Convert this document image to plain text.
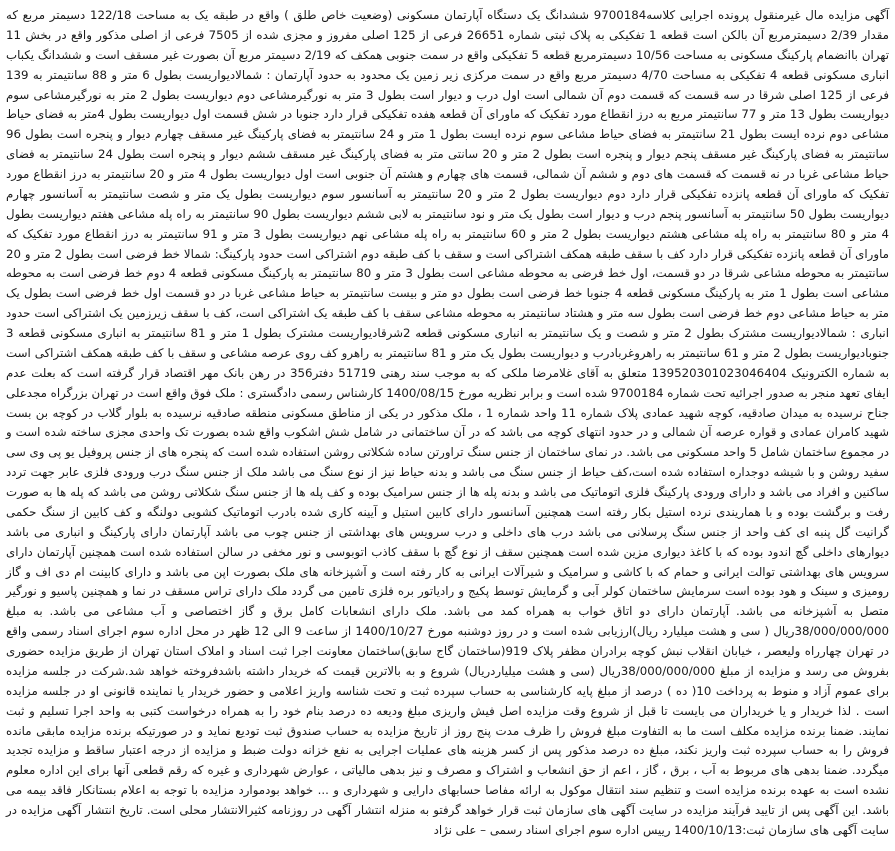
آگهی مزایده مال غیرمنقول پرونده اجرایی کلاسه9700184 ششدانگ یک دستگاه آپارتمان مسکونی (وضعیت خاص طلق ) واقع در طبقه یک به مساحت 122/18 دسیمتر مربع که مقدار 2/39 دسیمترمربع آن بالکن است قطعه 1 تفکیکی به پلاک ثبتی شماره 26651 فرعی از 125 اصلی مفروز و مجزی شده از 7505 فرعی از اصلی مذکور واقع در بخش 11 تهران باانضمام پارکینگ مسکونی به مساحت 10/56 دسیمترمربع قطعه 5 تفکیکی واقع در سمت جنوبی همکف که 2/19 دسیمتر مربع آن بصورت غیر مسقف است و ششدانگ یکباب انباری مسکونی قطعه 4 تفکیکی به مساحت 4/70 دسیمتر مربع واقع در سمت مرکزی زیر زمین یک محدود به حدود آپارتمان : شمالادیواریست بطول 6 متر و 88 سانتیمتر به 139 فرعی از 125 اصلی شرقا در سه قسمت که قسمت دوم آن شمالی است اول درب و دیوار است بطول 3 متر به نورگیرمشاعی دوم دیواریست بطول 2 متر به نورگیرمشاعی سوم دیواریست بطول 13 متر و 77 سانتیمتر مربع به درز انقطاع مورد تفکیک که ماورای آن قطعه هفده تفکیکی قرار دارد جنوبا در شش قسمت اول دیواریست بطول 4متر به فضای حیاط مشاعی دوم نرده ایست بطول 21 سانتیمتر به فضای حیاط مشاعی سوم نرده ایست بطول 1 متر و 24 سانتیمتر به فضای پارکینگ غیر مسقف چهارم دیوار و پنجره است بطول 96 سانتیمتر به فضای پارکینگ غیر مسقف پنجم دیوار و پنجره است بطول 2 متر و 20 سانتی متر به فضای پارکینگ غیر مسقف ششم دیوار و پنجره است بطول 24 سانتیمتر به فضای حیاط مشاعی غربا در نه قسمت که قسمت های دوم و ششم آن شمالی، قسمت های چهارم و هشتم آن جنوبی است اول دیواریست بطول 4 متر و 20 سانتیمتر به درز انقطاع مورد تفکیک که ماورای آن قطعه پانزده تفکیکی قرار دارد دوم دیواریست بطول 2 متر و 20 سانتیمتر به آسانسور سوم دیواریست بطول یک متر و شصت سانتیمتر به آسانسور چهارم دیواریست بطول 50 سانتیمتر به آسانسور پنجم درب و دیوار است بطول یک متر و نود سانتیمتر به لابی ششم دیواریست بطول 90 سانتیمتر به راه پله مشاعی هفتم دیواریست بطول 4 متر و 80 سانتیمتر به راه پله مشاعی هشتم دیواریست بطول 2 متر و 60 سانتیمتر به راه پله مشاعی نهم دیواریست بطول 3 متر و 91 سانتیمتر به درز انقطاع مورد تفکیک که ماورای آن قطعه پانزده تفکیکی قرار دارد کف با سقف طبقه همکف اشتراکی است و سقف با کف طبقه دوم اشتراکی است حدود پارکینگ: شمالا خط فرضی است بطول 2 متر و 20 سانتیمتر به محوطه مشاعی شرقا در دو قسمت، اول خط فرضی به محوطه مشاعی است بطول 3 متر و 80 سانتیمتر به پارکینگ مسکونی قطعه 4 دوم خط فرضی است به محوطه مشاعی است بطول 1 متر به پارکینگ مسکونی قطعه 4 جنوبا خط فرضی است بطول دو متر و بیست سانتیمتر به حیاط مشاعی غربا در دو قسمت اول خط فرضی است بطول یک متر به حیاط مشاعی دوم خط فرضی است بطول سه متر و هشتاد سانتیمتر به محوطه مشاعی سقف با کف طبقه یک اشتراکی است، کف با سقف زیرزمین یک اشتراکی است حدود انباری : شمالادیواریست مشترک بطول 2 متر و شصت و یک سانتیمتر به انباری مسکونی قطعه 2شرقادیواریست مشترک بطول 1 متر و 81 سانتیمتر به انباری مسکونی قطعه 3 جنوبادیواریست بطول 2 متر و 61 سانتیمتر به راهروغربادرب و دیواریست بطول یک متر و 81 سانتیمتر به راهرو کف روی عرصه مشاعی و سقف با کف طبقه همکف اشتراکی است به شماره الکترونیک 139520301023046404 متعلق به آقای غلامرضا ملکی که به موجب سند رهنی 51719 دفتر356 در رهن بانک مهر اقتصاد قرار گرفته است که بعلت عدم ایفای تعهد منجر به صدور اجرائیه تحت شماره 9700184 شده است و برابر نظریه مورخ 1400/08/15 کارشناس رسمی دادگستری : ملک فوق واقع است در تهران بزرگراه مجدعلی جناح نرسیده به میدان صادقیه، کوچه شهید عمادی پلاک شماره 11 واحد شماره 1 ، ملک مذکور در یکی از مناطق مسکونی منطقه صادقیه نرسیده به بلوار گلاب در کوچه بن بست شهید کامران عمادی و قواره عرصه آن شمالی و در حدود انتهای کوچه می باشد که در آن ساختمانی در شامل شش اشکوب واقع شده بصورت تک واحدی مجزی ساخته شده است و در مجموع ساختمان شامل 5 واحد مسکونی می باشد. در نمای ساختمان از جنس سنگ تراورتن ساده شکلاتی روشن استفاده شده است که پنجره های از جنس پروفیل یو پی وی سی سفید روشن و با شیشه دوجداره استفاده شده است،کف حیاط از جنس سنگ می باشد و بدنه حیاط نیز از نوع سنگ می باشد ملک از جنس سنگ درب ورودی فلزی عابر جهت تردد ساکنین و افراد می باشد و دارای ورودی پارکینگ فلزی اتوماتیک می باشد و بدنه پله ها از جنس سرامیک بوده و کف پله ها از جنس سنگ شکلاتی روشن می باشد که پله ها به صورت رفت و برگشت بوده و با هماریندی نرده استیل بکار رفته است همچنین آسانسور دارای کابین استیل و آیینه کاری شده بادرب اتوماتیک کشویی دولنگه و کف کابین از سنگ حکمی گرانیت گل پنبه ای کف واحد از جنس سنگ پرسلانی می باشد درب های داخلی و درب سرویس های بهداشتی از جنس چوب می باشد آپارتمان دارای پارکینگ و انباری می باشد دیوارهای داخلی گچ اندود بوده که با کاغذ دیواری مزین شده است همچنین سقف از نوع گچ با سقف کاذب اتوبوسی و نور مخفی در سالن استفاده شده است همچنین آپارتمان دارای سرویس های بهداشتی توالت ایرانی و حمام که با کاشی و سرامیک و شیرآلات ایرانی به کار رفته است و آشپزخانه های ملک بصورت اپن می باشد و دارای کابینت ام دی اف و گاز رومیزی و سینک و هود بوده است سرمایش ساختمان کولر آبی و گرمایش توسط پکیج و رادیاتور بره فلزی تامین می گردد ملک دارای تراس مسقف در نما و همچنین پاسیو و نورگیر متصل به آشپزخانه می باشد. آپارتمان دارای دو اتاق خواب به همراه کمد می باشد. ملک دارای انشعابات کامل برق و گاز اختصاصی و آب مشاعی می باشد. به مبلغ 38/000/000/000ریال ( سی و هشت میلیارد ریال)ارزیابی شده است و در روز دوشنبه مورخ 1400/10/27 از ساعت 9 الی 12 ظهر در محل اداره سوم اجرای اسناد رسمی واقع در تهران چهارراه ولیعصر ، خیابان انقلاب نبش کوچه برادران مظفر پلاک 919(ساختمان گاج سابق)ساختمان معاونت اجرا ثبت اسناد و املاک استان تهران از طریق مزایده حضوری بفروش می رسد و مزایده از مبلغ 38/000/000/000ریال (سی و هشت میلیاردریال) شروع و به بالاترین قیمت که خریدار داشته باشدفروخته خواهد شد.شرکت در جلسه مزایده برای عموم آزاد و منوط به پرداخت 10( ده ) درصد از مبلغ پایه کارشناسی به حساب سپرده ثبت و تحت شناسه واریز اعلامی و حضور خریدار یا نماینده قانونی او در جلسه مزایده است . لذا خریدار و یا خریداران می بایست تا قبل از شروع وقت مزایده اصل فیش واریزی مبلغ ودیعه ده درصد بنام خود را به همراه درخواست کتبی به واحد اجرا تسلیم و ثبت نمایند. ضمنا برنده مزایده مکلف است ما به التفاوت مبلغ فروش را ظرف مدت پنج روز از تاریخ مزایده به حساب صندوق ثبت تودیع نماید و در صورتیکه برنده مزایده مابقی مانده فروش را به حساب سپرده ثبت واریز نکند، مبلغ ده درصد مذکور پس از کسر هزینه های عملیات اجرایی به نفع خزانه دولت ضبط و مزایده از درجه اعتبار ساقط و مزایده تجدید میگردد. ضمنا بدهی های مربوط به آب ، برق ، گاز ، اعم از حق انشعاب و اشتراک و مصرف و نیز بدهی مالیاتی ، عوارض شهرداری و غیره که رقم قطعی آنها برای این اداره معلوم نشده است به عهده برنده مزایده است و تنظیم سند انتقال موکول به ارائه مفاصا حسابهای دارایی و شهرداری و ... خواهد بودموارد مزایده با توجه به اعلام بستانکار فاقد بیمه می باشد. این آگهی پس از تایید فرآیند مزایده در سایت آگهی های سازمان ثبت قرار خواهد گرفتو به منزله انتشار آگهی در روزنامه کثیرالانتشار محلی است. تاریخ انتشار آگهی مزایده در سایت آگهی های سازمان ثبت:1400/10/13 رییس اداره سوم اجرای اسناد رسمی – علی نژاد
